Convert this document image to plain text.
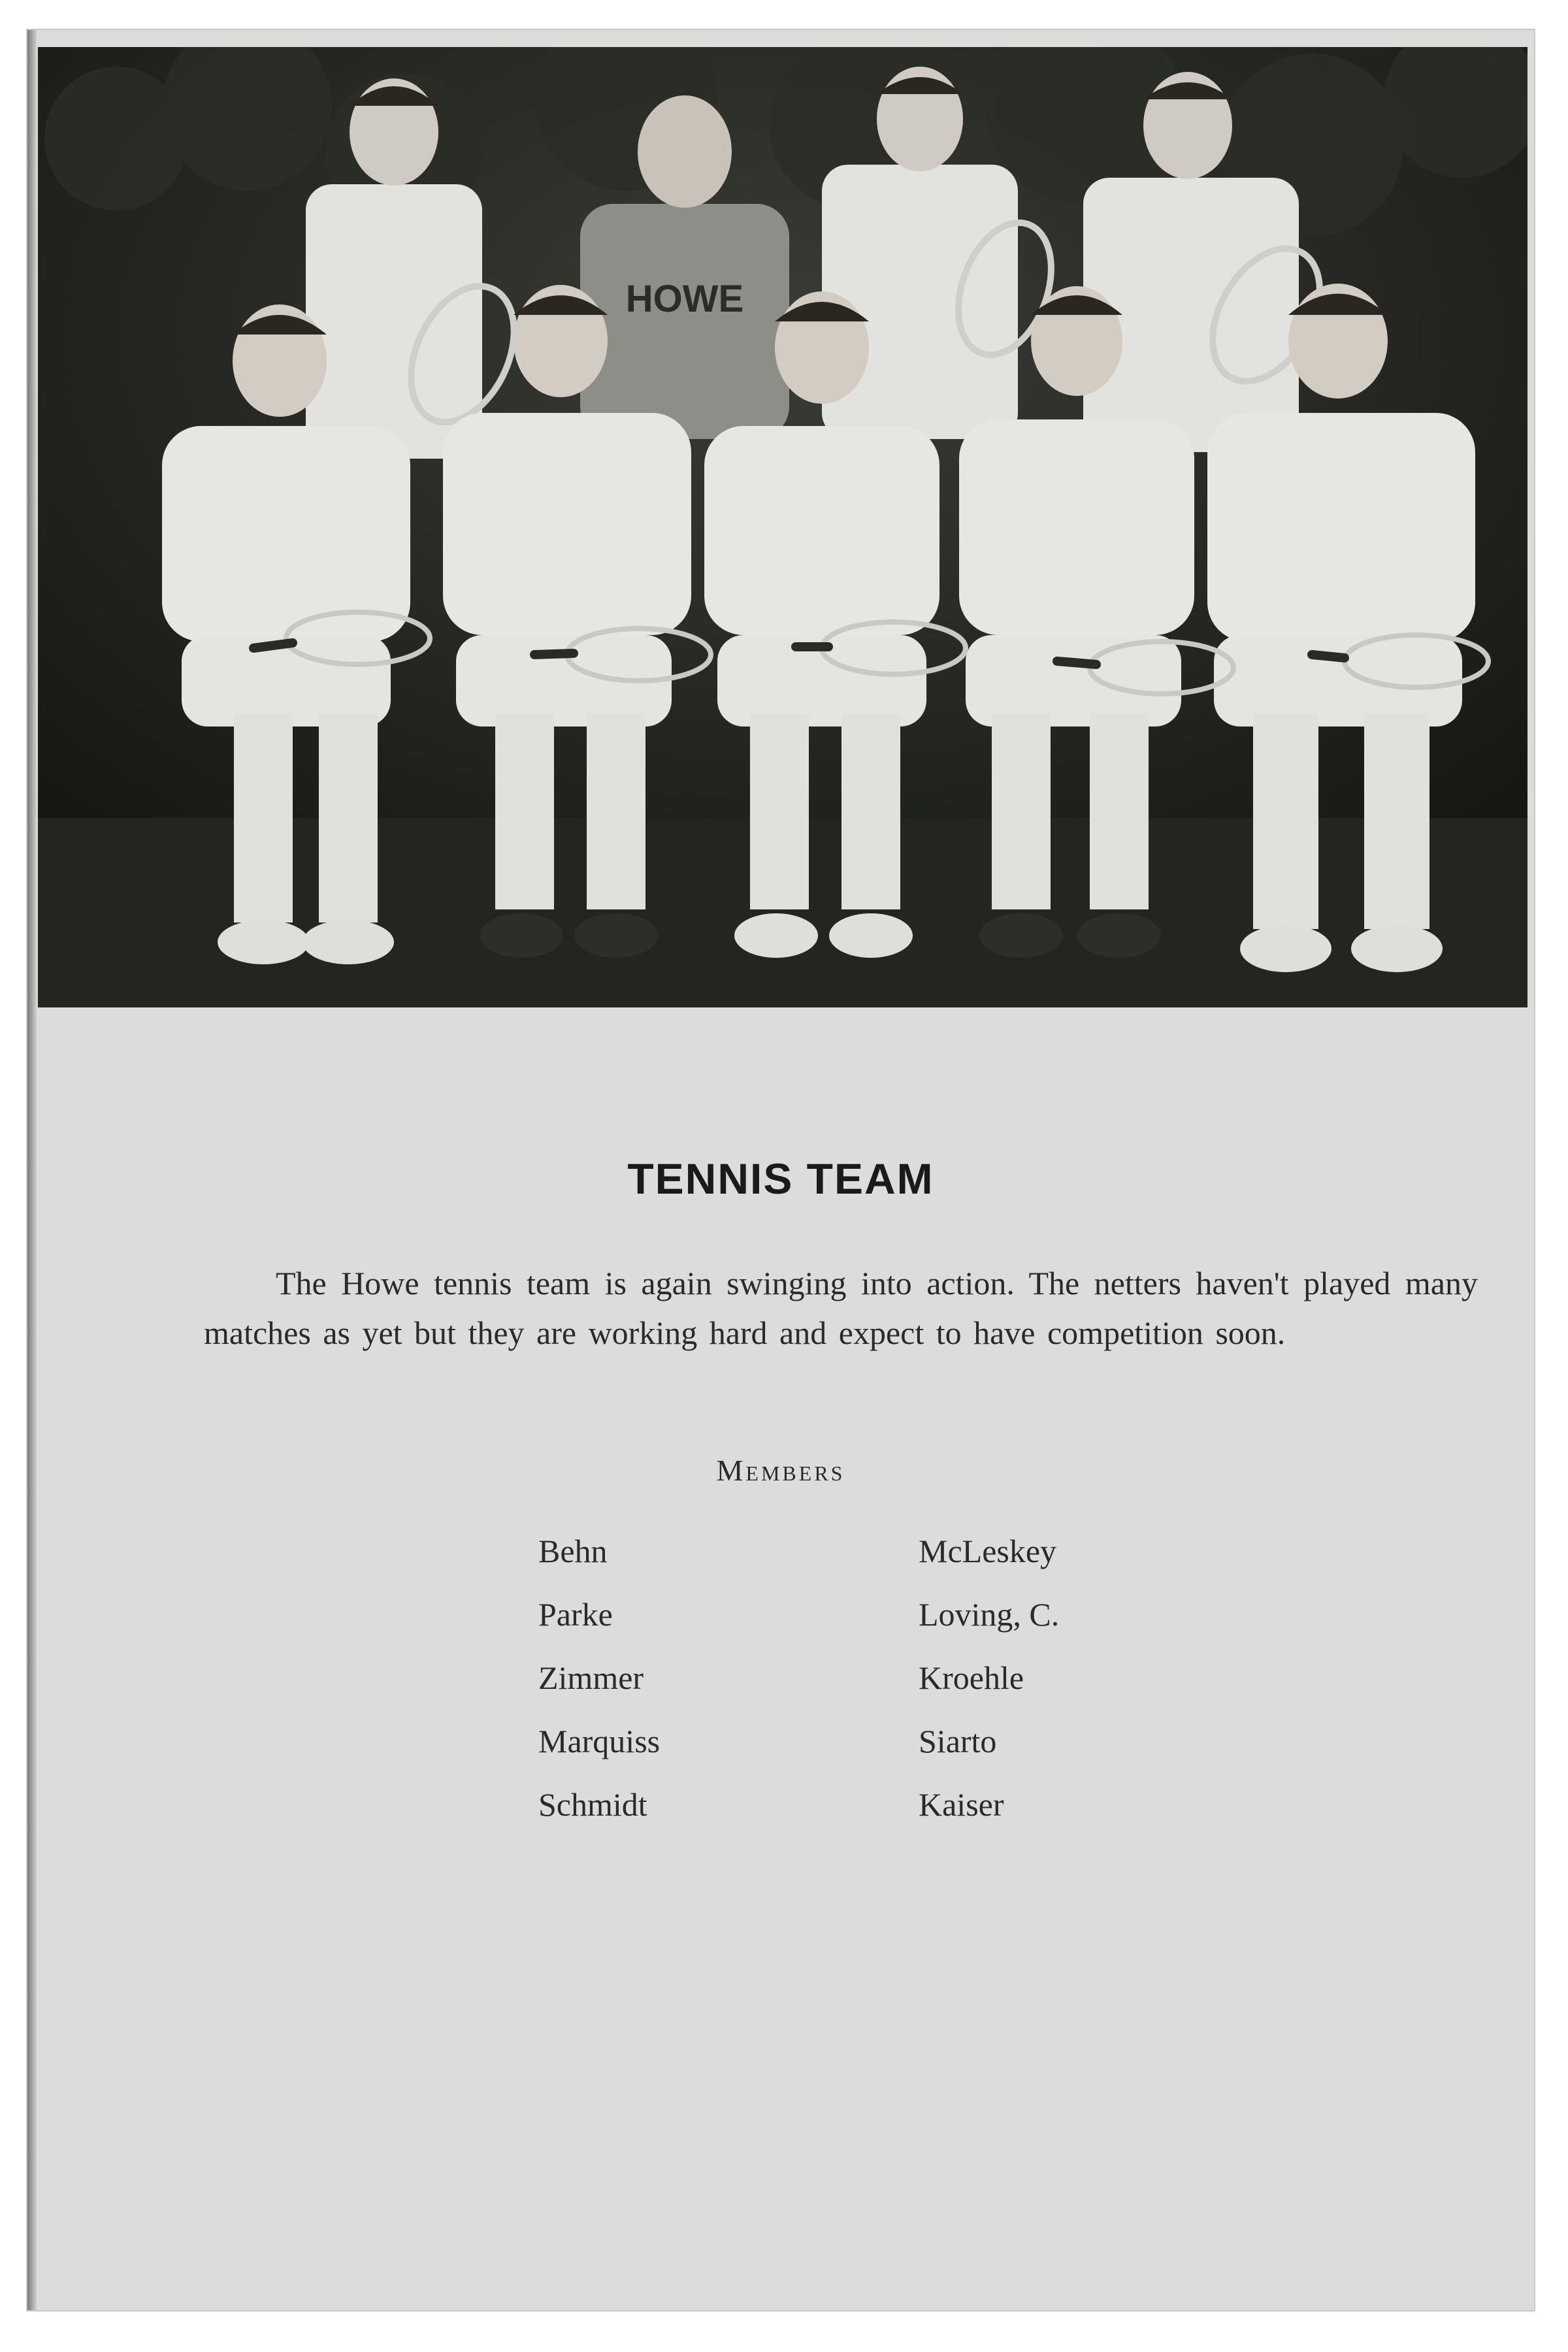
HOWE
TENNIS TEAM

The Howe tennis team is again swinging into action. The netters haven't played many matches as yet but they are working hard and expect to have competition soon.

Members
Behn
Parke
Zimmer
Marquiss
Schmidt
McLeskey
Loving, C.
Kroehle
Siarto
Kaiser
